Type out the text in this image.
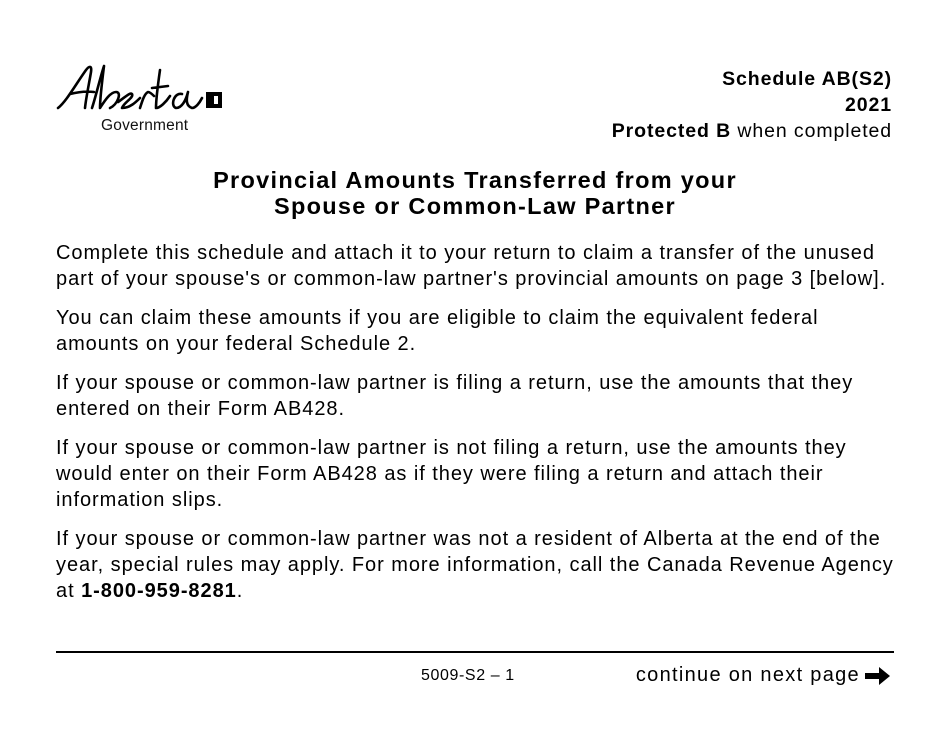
Government
Schedule AB(S2)
2021
Protected B when completed
Provincial Amounts Transferred from your
Spouse or Common-Law Partner

Complete this schedule and attach it to your return to claim a transfer of the unused part of your spouse's or common-law partner's provincial amounts on page 3 [below].

You can claim these amounts if you are eligible to claim the equivalent federal amounts on your federal Schedule 2.

If your spouse or common-law partner is filing a return, use the amounts that they entered on their Form AB428.

If your spouse or common-law partner is not filing a return, use the amounts they would enter on their Form AB428 as if they were filing a return and attach their information slips.

If your spouse or common-law partner was not a resident of Alberta at the end of the year, special rules may apply. For more information, call the Canada Revenue Agency at 1-800-959-8281.

5009-S2 – 1	continue on next page
